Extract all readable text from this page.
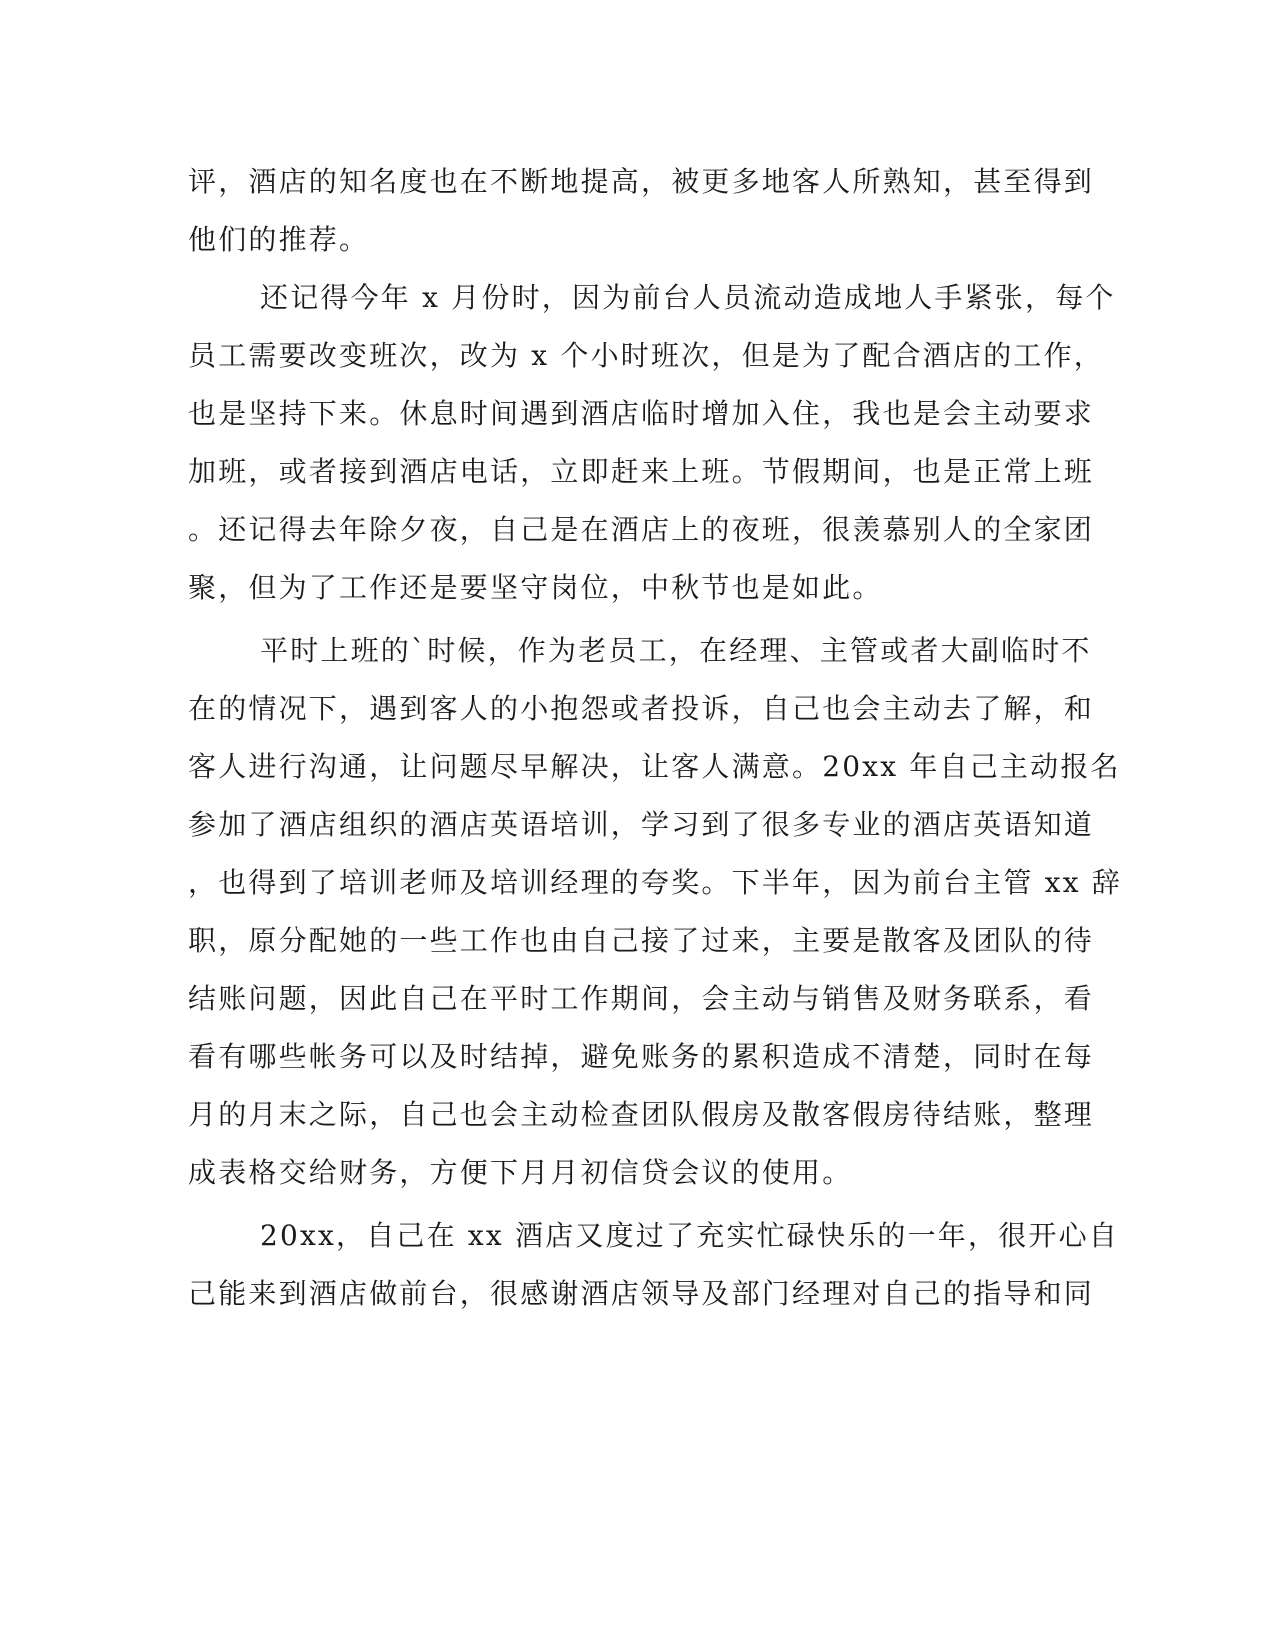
评，酒店的知名度也在不断地提高，被更多地客人所熟知，甚至得到
他们的推荐。
还记得今年 x 月份时，因为前台人员流动造成地人手紧张，每个
员工需要改变班次，改为 x 个小时班次，但是为了配合酒店的工作，
也是坚持下来。休息时间遇到酒店临时增加入住，我也是会主动要求
加班，或者接到酒店电话，立即赶来上班。节假期间，也是正常上班
。还记得去年除夕夜，自己是在酒店上的夜班，很羡慕别人的全家团
聚，但为了工作还是要坚守岗位，中秋节也是如此。
平时上班的`时候，作为老员工，在经理、主管或者大副临时不
在的情况下，遇到客人的小抱怨或者投诉，自己也会主动去了解，和
客人进行沟通，让问题尽早解决，让客人满意。20xx 年自己主动报名
参加了酒店组织的酒店英语培训，学习到了很多专业的酒店英语知道
，也得到了培训老师及培训经理的夸奖。下半年，因为前台主管 xx 辞
职，原分配她的一些工作也由自己接了过来，主要是散客及团队的待
结账问题，因此自己在平时工作期间，会主动与销售及财务联系，看
看有哪些帐务可以及时结掉，避免账务的累积造成不清楚，同时在每
月的月末之际，自己也会主动检查团队假房及散客假房待结账，整理
成表格交给财务，方便下月月初信贷会议的使用。
20xx，自己在 xx 酒店又度过了充实忙碌快乐的一年，很开心自
己能来到酒店做前台，很感谢酒店领导及部门经理对自己的指导和同
